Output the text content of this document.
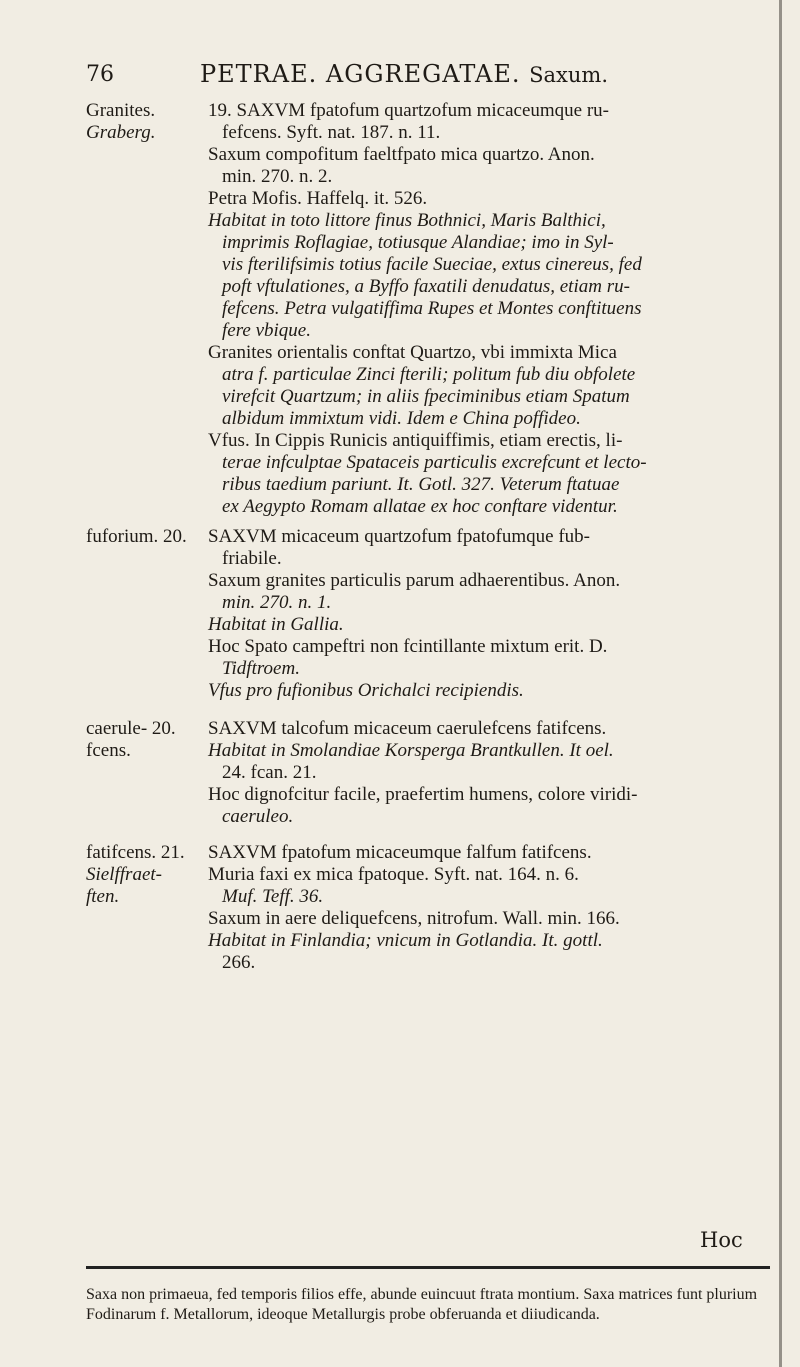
76	PETRAE. AGGREGATAE. Saxum.
Granites.
Graberg.

19. SAXVM fpatofum quartzofum micaceumque ru-

fefcens. Syft. nat. 187. n. 11.

Saxum compofitum faeltfpato mica quartzo. Anon.

min. 270. n. 2.

Petra Mofis. Haffelq. it. 526.

Habitat in toto littore finus Bothnici, Maris Balthici,

imprimis Roflagiae, totiusque Alandiae; imo in Syl-

vis fterilifsimis totius facile Sueciae, extus cinereus, fed

poft vftulationes, a Byffo faxatili denudatus, etiam ru-

fefcens. Petra vulgatiffima Rupes et Montes conftituens

fere vbique.

Granites orientalis conftat Quartzo, vbi immixta Mica

atra f. particulae Zinci fterili; politum fub diu obfolete

virefcit Quartzum; in aliis fpeciminibus etiam Spatum

albidum immixtum vidi. Idem e China poffideo.

Vfus. In Cippis Runicis antiquiffimis, etiam erectis, li-

terae infculptae Spataceis particulis excrefcunt et lecto-

ribus taedium pariunt. It. Gotl. 327. Veterum ftatuae

ex Aegypto Romam allatae ex hoc conftare videntur.

fuforium. 20.	SAXVM micaceum quartzofum fpatofumque fub-

friabile.

Saxum granites particulis parum adhaerentibus. Anon.

min. 270. n. 1.

Habitat in Gallia.

Hoc Spato campeftri non fcintillante mixtum erit. D.

Tidftroem.

Vfus pro fufionibus Orichalci recipiendis.

caerule- 20.
fcens.

SAXVM talcofum micaceum caerulefcens fatifcens.

Habitat in Smolandiae Korsperga Brantkullen. It oel.

24. fcan. 21.

Hoc dignofcitur facile, praefertim humens, colore viridi-

caeruleo.

fatifcens. 21.
Sielffraet-
ften.

SAXVM fpatofum micaceumque falfum fatifcens.

Muria faxi ex mica fpatoque. Syft. nat. 164. n. 6.

Muf. Teff. 36.

Saxum in aere deliquefcens, nitrofum. Wall. min. 166.

Habitat in Finlandia; vnicum in Gotlandia. It. gottl.

266.

Hoc
Saxa non primaeua, fed temporis filios effe, abunde euincuut ftrata montium. Saxa matrices funt plurium Fodinarum f. Metallorum, ideoque Metallurgis probe obferuanda et diiudicanda.
